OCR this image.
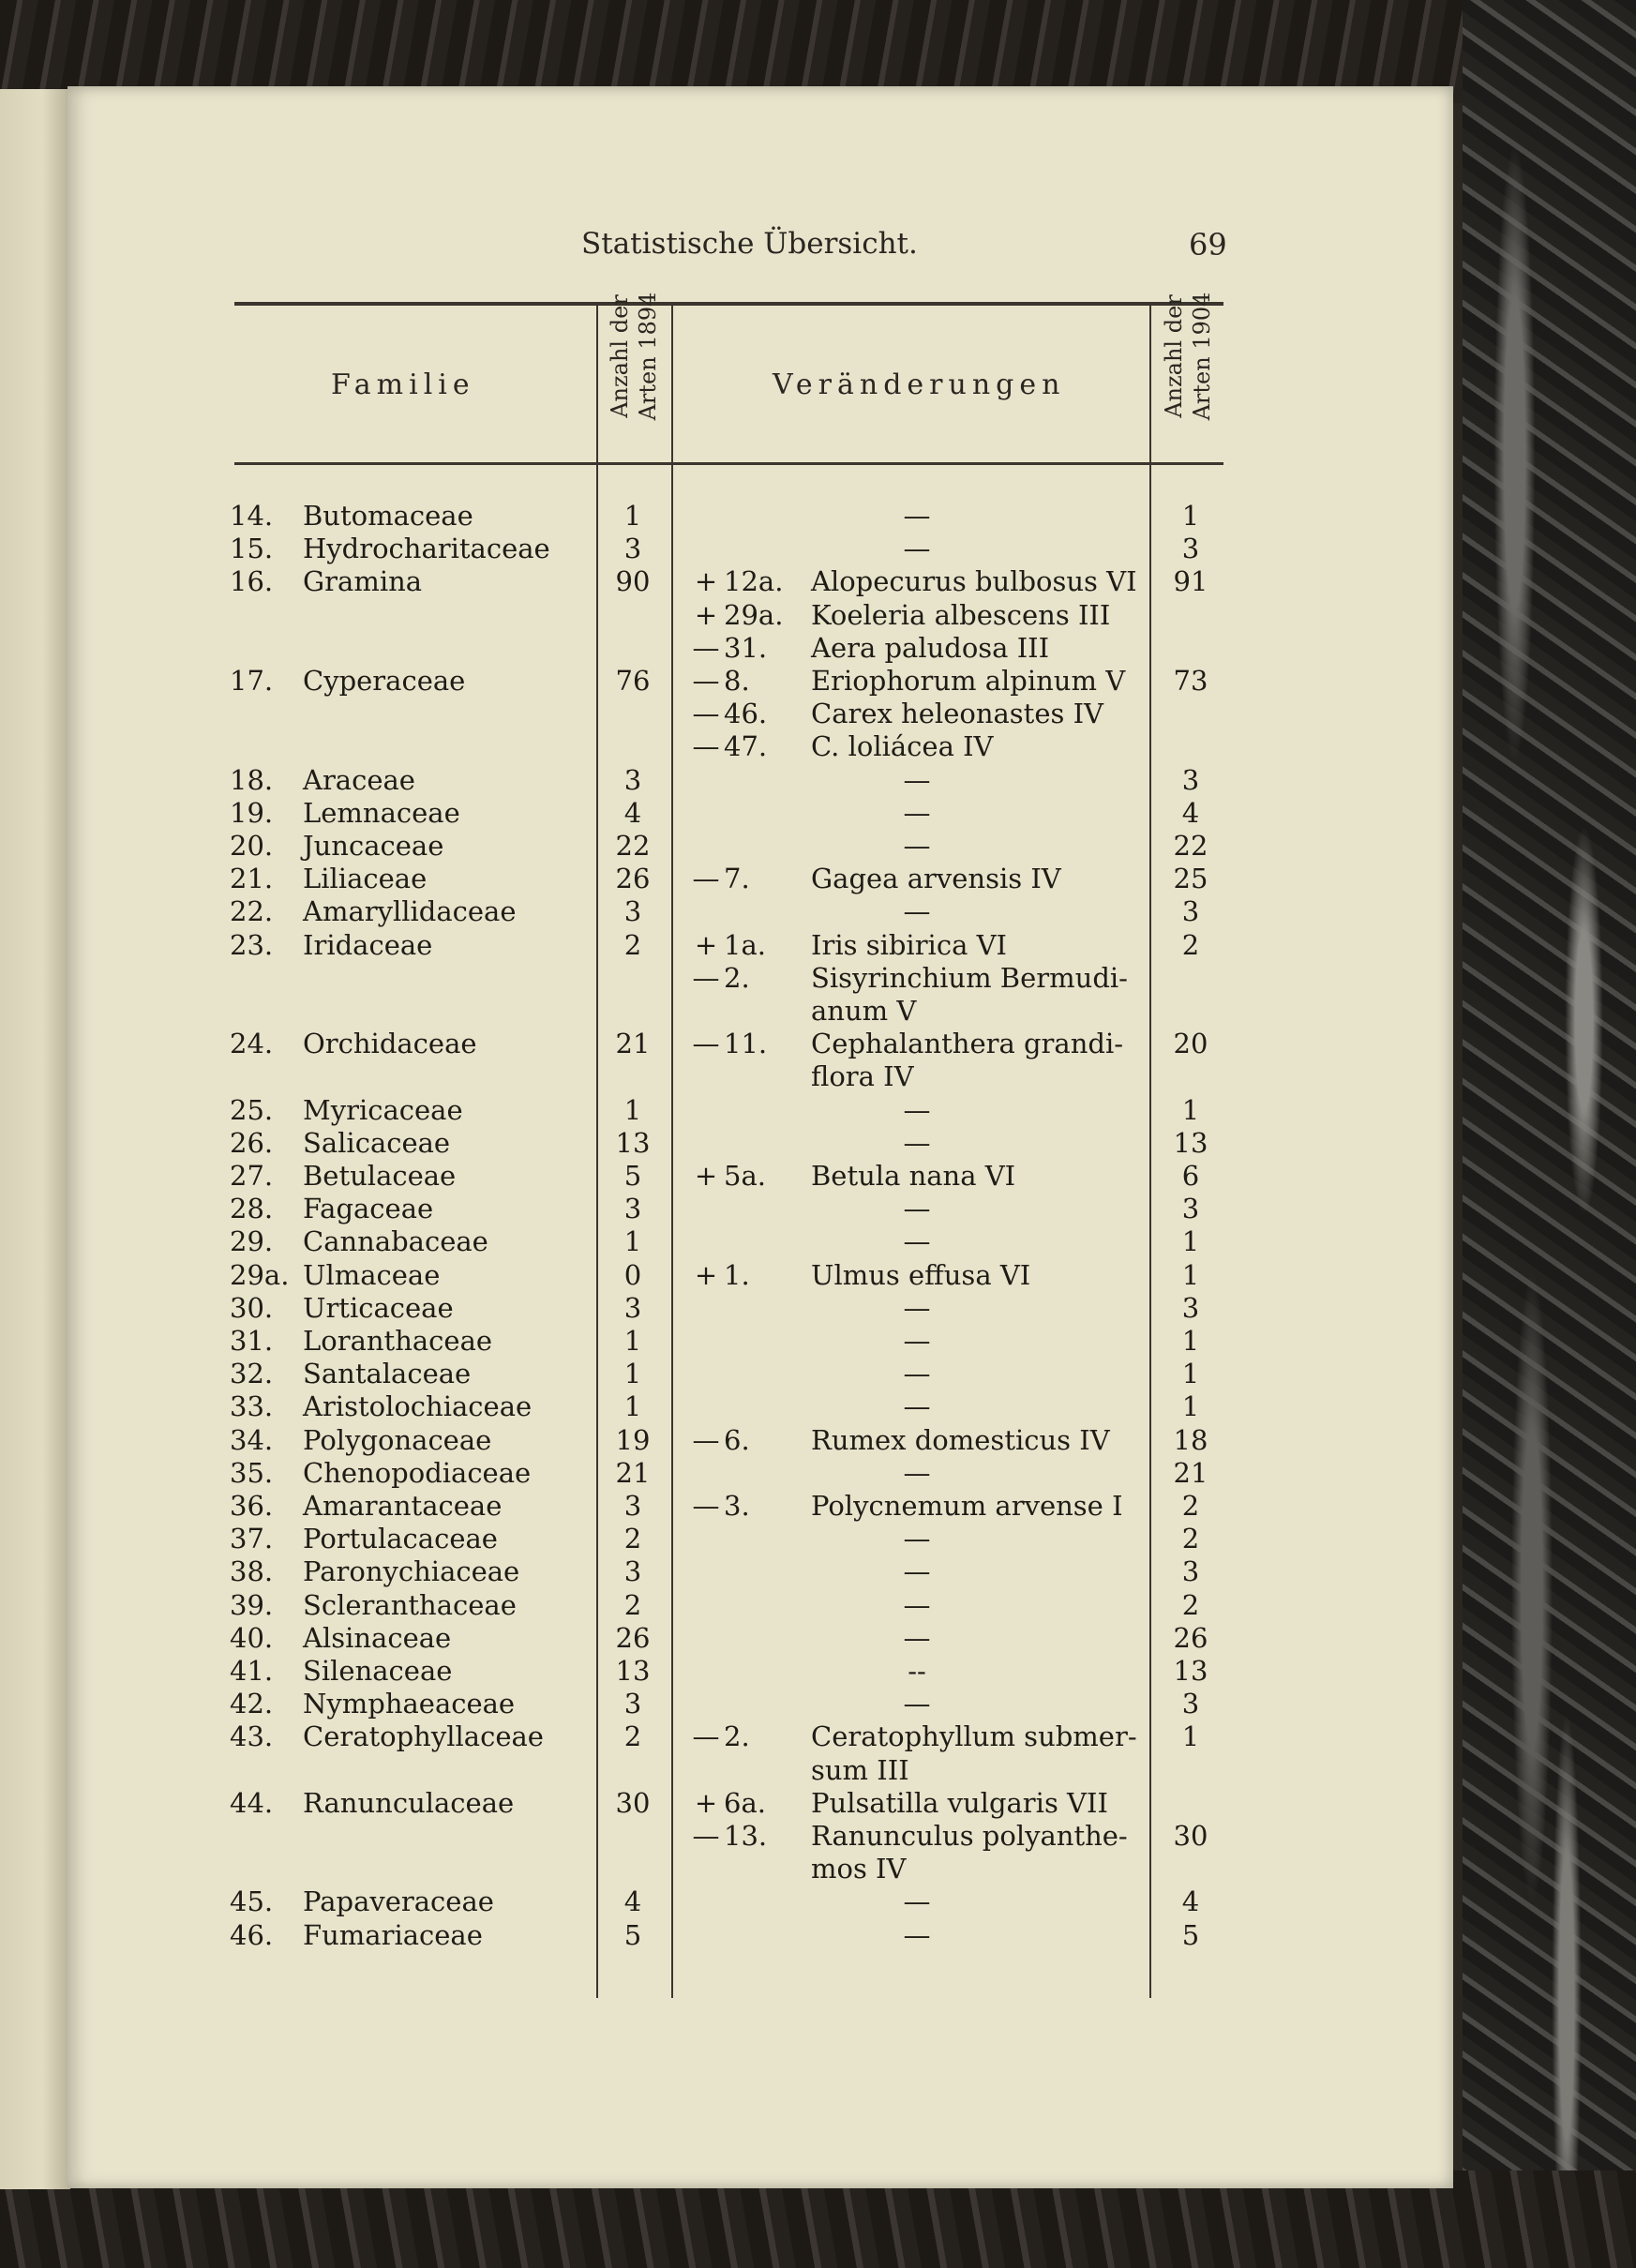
Statistische Übersicht.	69
Familie	Veränderungen
Anzahl der Arten 1894	Anzahl der Arten 1904
14.	Butomaceae	1	—	1
15.	Hydrocharitaceae	3	—	3
16.	Gramina	90	+ 12a.	Alopecurus bulbosus VI	91
+ 29a.	Koeleria albescens III
— 31.	Aera paludosa III
17.	Cyperaceae	76	— 8.	Eriophorum alpinum V	73
— 46.	Carex heleonastes IV
— 47.	C. loliácea IV
18.	Araceae	3	—	3
19.	Lemnaceae	4	—	4
20.	Juncaceae	22	—	22
21.	Liliaceae	26	— 7.	Gagea arvensis IV	25
22.	Amaryllidaceae	3	—	3
23.	Iridaceae	2	+ 1a.	Iris sibirica VI	2
— 2.	Sisyrinchium Bermudi-
anum V
24.	Orchidaceae	21	— 11.	Cephalanthera grandi-	20
flora IV
25.	Myricaceae	1	—	1
26.	Salicaceae	13	—	13
27.	Betulaceae	5	+ 5a.	Betula nana VI	6
28.	Fagaceae	3	—	3
29.	Cannabaceae	1	—	1
29a. Ulmaceae	0	+ 1.	Ulmus effusa VI	1
30.	Urticaceae	3	—	3
31.	Loranthaceae	1	—	1
32.	Santalaceae	1	—	1
33.	Aristolochiaceae	1	—	1
34.	Polygonaceae	19	— 6.	Rumex domesticus IV	18
35.	Chenopodiaceae	21	—	21
36.	Amarantaceae	3	— 3.	Polycnemum arvense I	2
37.	Portulacaceae	2	—	2
38.	Paronychiaceae	3	—	3
39.	Scleranthaceae	2	—	2
40.	Alsinaceae	26	—	26
41.	Silenaceae	13	--	13
42.	Nymphaeaceae	3	—	3
43.	Ceratophyllaceae	2	— 2.	Ceratophyllum submer-	1
sum III
44.	Ranunculaceae	30	+ 6a.	Pulsatilla vulgaris VII
— 13.	Ranunculus polyanthe-	30
mos IV
45.	Papaveraceae	4	—	4
46.	Fumariaceae	5	—	5
